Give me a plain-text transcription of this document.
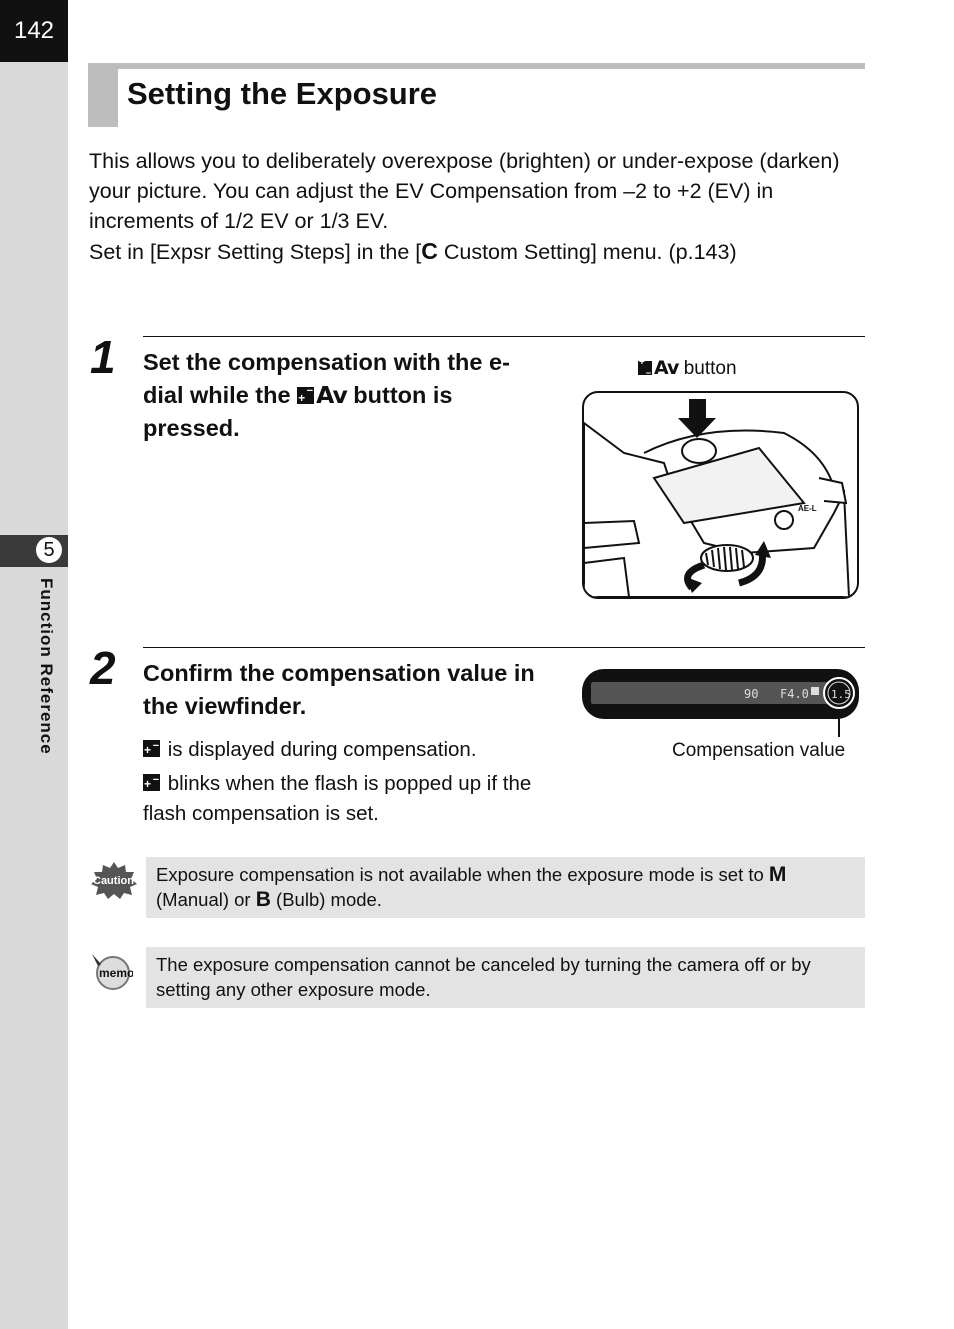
142
5
Function Reference
Setting the Exposure

This allows you to deliberately overexpose (brighten) or under-expose (darken) your picture. You can adjust the EV Compensation from –2 to +2 (EV) in increments of 1/2 EV or 1/3 EV.

Set in [Expsr Setting Steps] in the [C Custom Setting] menu. (p.143)

1 Set the compensation with the e-dial while the + −Av button is pressed.
+ −Av button
AE-L
2 Confirm the compensation value in the viewfinder.

+ − is displayed during compensation.

+ − blinks when the flash is popped up if the flash compensation is set.

90 F4.0 1.5
Compensation value
Caution	Exposure compensation is not available when the exposure mode is set to M (Manual) or B (Bulb) mode.
memo	The exposure compensation cannot be canceled by turning the camera off or by setting any other exposure mode.
